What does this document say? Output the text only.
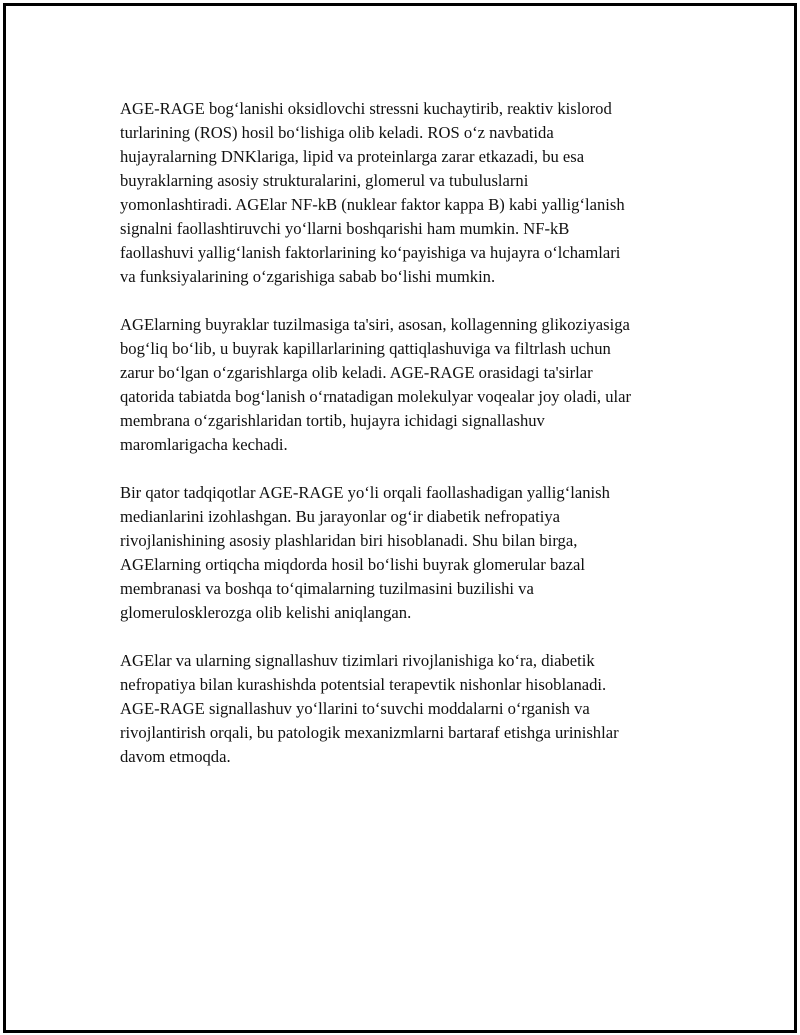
AGE-RAGE bog‘lanishi oksidlovchi stressni kuchaytirib, reaktiv kislorod
turlarining (ROS) hosil bo‘lishiga olib keladi. ROS o‘z navbatida
hujayralarning DNKlariga, lipid va proteinlarga zarar etkazadi, bu esa
buyraklarning asosiy strukturalarini, glomerul va tubuluslarni
yomonlashtiradi. AGElar NF-kB (nuklear faktor kappa B) kabi yallig‘lanish
signalni faollashtiruvchi yo‘llarni boshqarishi ham mumkin. NF-kB
faollashuvi yallig‘lanish faktorlarining ko‘payishiga va hujayra o‘lchamlari
va funksiyalarining o‘zgarishiga sabab bo‘lishi mumkin.

AGElarning buyraklar tuzilmasiga ta'siri, asosan, kollagenning glikoziyasiga
bog‘liq bo‘lib, u buyrak kapillarlarining qattiqlashuviga va filtrlash uchun
zarur bo‘lgan o‘zgarishlarga olib keladi. AGE-RAGE orasidagi ta'sirlar
qatorida tabiatda bog‘lanish o‘rnatadigan molekulyar voqealar joy oladi, ular
membrana o‘zgarishlaridan tortib, hujayra ichidagi signallashuv
maromlarigacha kechadi.

Bir qator tadqiqotlar AGE-RAGE yo‘li orqali faollashadigan yallig‘lanish
medianlarini izohlashgan. Bu jarayonlar og‘ir diabetik nefropatiya
rivojlanishining asosiy plashlaridan biri hisoblanadi. Shu bilan birga,
AGElarning ortiqcha miqdorda hosil bo‘lishi buyrak glomerular bazal
membranasi va boshqa to‘qimalarning tuzilmasini buzilishi va
glomerulosklerozga olib kelishi aniqlangan.

AGElar va ularning signallashuv tizimlari rivojlanishiga ko‘ra, diabetik
nefropatiya bilan kurashishda potentsial terapevtik nishonlar hisoblanadi.
AGE-RAGE signallashuv yo‘llarini to‘suvchi moddalarni o‘rganish va
rivojlantirish orqali, bu patologik mexanizmlarni bartaraf etishga urinishlar
davom etmoqda.
